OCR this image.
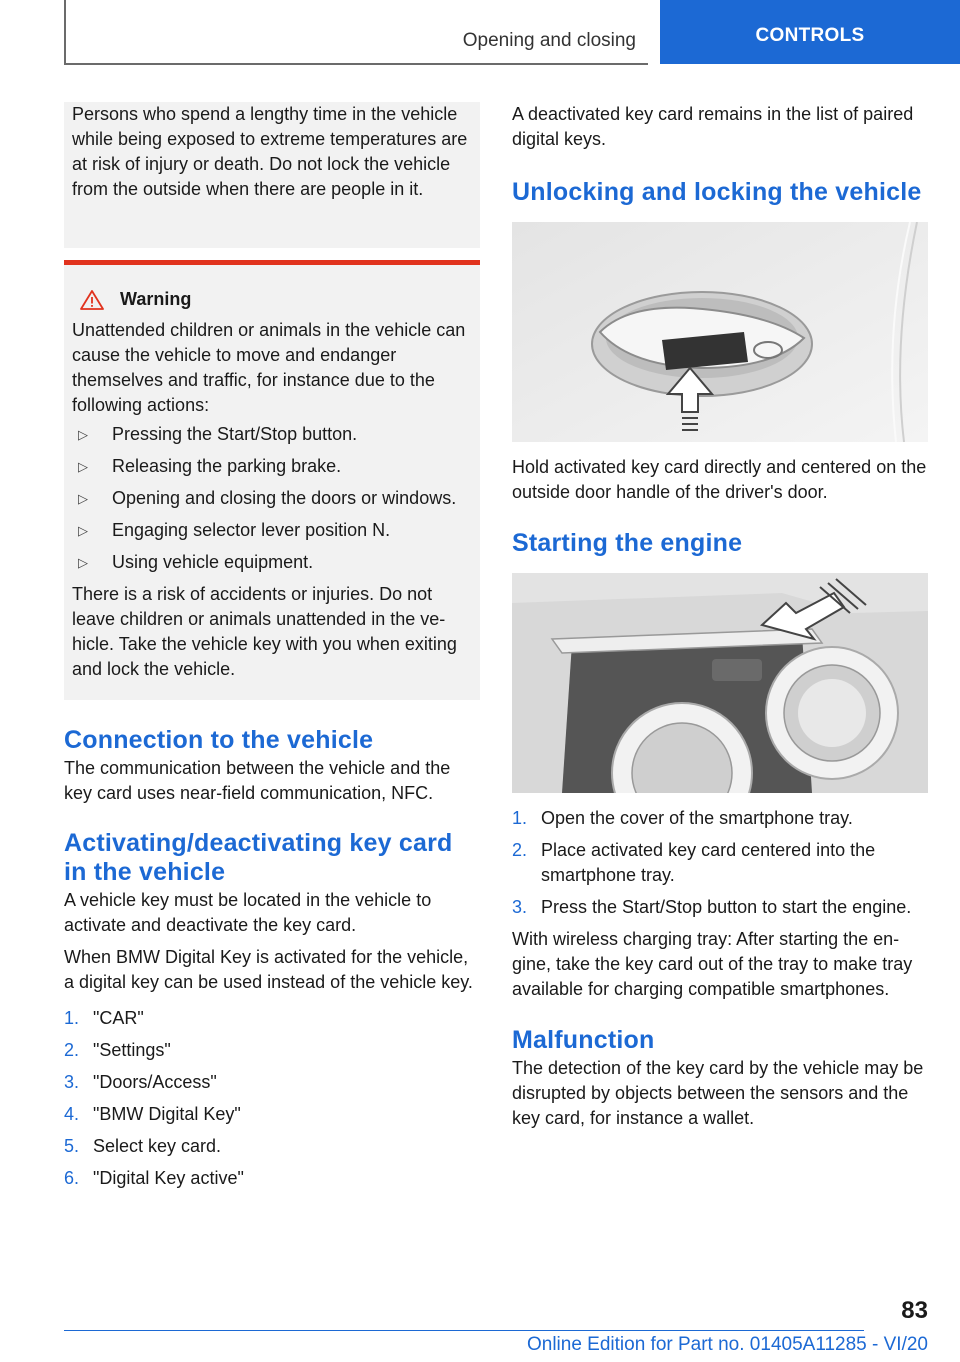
Opening and closing	CONTROLS

Persons who spend a lengthy time in the vehicle while being exposed to extreme temperatures are at risk of injury or death. Do not lock the vehicle from the outside when there are people in it.

Warning

Unattended children or animals in the vehicle can cause the vehicle to move and endanger themselves and traffic, for instance due to the following actions:

▷	Pressing the Start/Stop button.
▷	Releasing the parking brake.
▷	Opening and closing the doors or windows.
▷	Engaging selector lever position N.
▷	Using vehicle equipment.

There is a risk of accidents or injuries. Do not leave children or animals unattended in the vehicle. Take the vehicle key with you when exiting and lock the vehicle.

Connection to the vehicle

The communication between the vehicle and the key card uses near-field communication, NFC.

Activating/deactivating key card in the vehicle

A vehicle key must be located in the vehicle to activate and deactivate the key card.

When BMW Digital Key is activated for the vehicle, a digital key can be used instead of the vehicle key.

1. "CAR"
2. "Settings"
3. "Doors/Access"
4. "BMW Digital Key"
5. Select key card.
6. "Digital Key active"

A deactivated key card remains in the list of paired digital keys.

Unlocking and locking the vehicle

Hold activated key card directly and centered on the outside door handle of the driver's door.

Starting the engine
1. Open the cover of the smartphone tray.
2. Place activated key card centered into the smartphone tray.
3. Press the Start/Stop button to start the engine.

With wireless charging tray: After starting the engine, take the key card out of the tray to make tray available for charging compatible smartphones.

Malfunction

The detection of the key card by the vehicle may be disrupted by objects between the sensors and the key card, for instance a wallet.

83
Online Edition for Part no. 01405A11285 - VI/20
